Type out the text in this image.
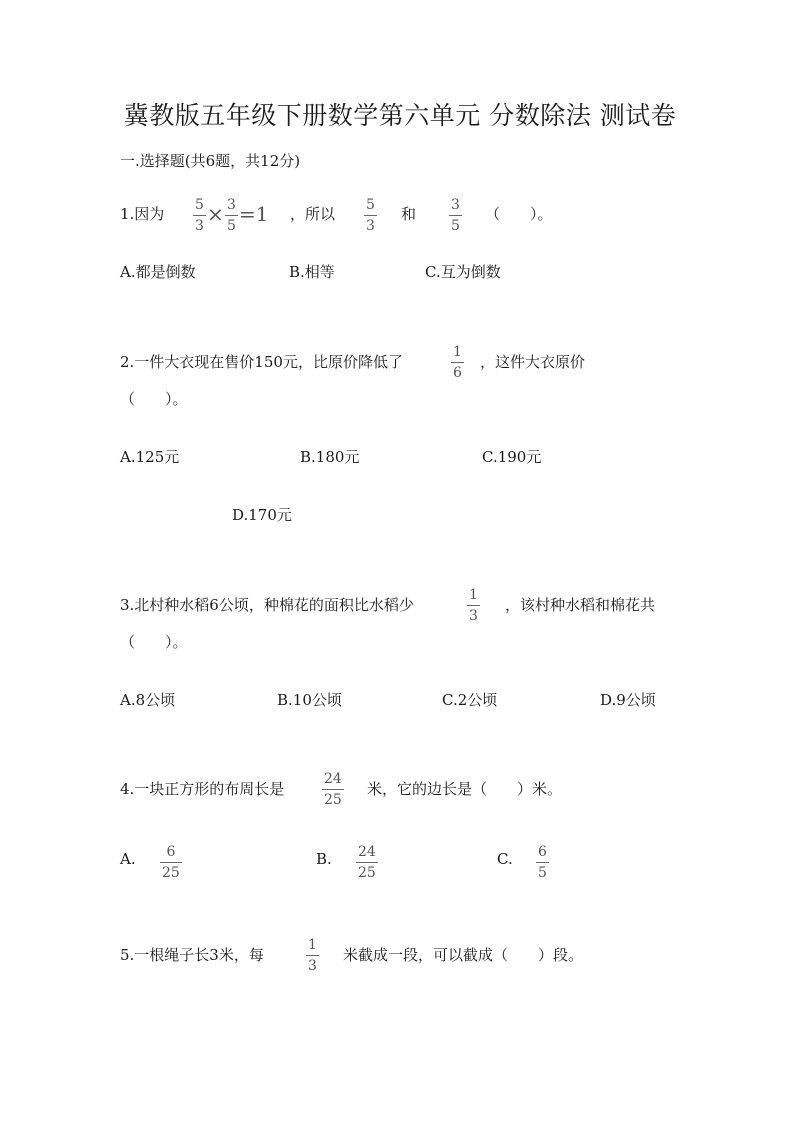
冀教版五年级下册数学第六单元 分数除法 测试卷
一.选择题(共6题，共12分)
1.因为 5
3 × 3
5 =1 ，所以 5
3
和 3
5
（　　）。
A.都是倒数	B.相等	C.互为倒数
2.一件大衣现在售价150元，比原价降低了
1
6
，这件大衣原价
（　　）。
A.125元	B.180元	C.190元
D.170元
3.北村种水稻6公顷，种棉花的面积比水稻少
1
3
，该村种水稻和棉花共
（　　）。
A.8公顷	B.10公顷	C.2公顷	D.9公顷
4.一块正方形的布周长是
24
25
米，它的边长是（　　）米。
A. 6
25
B. 24
25
C. 6
5
5.一根绳子长3米，每
1
3
米截成一段，可以截成（　　）段。
